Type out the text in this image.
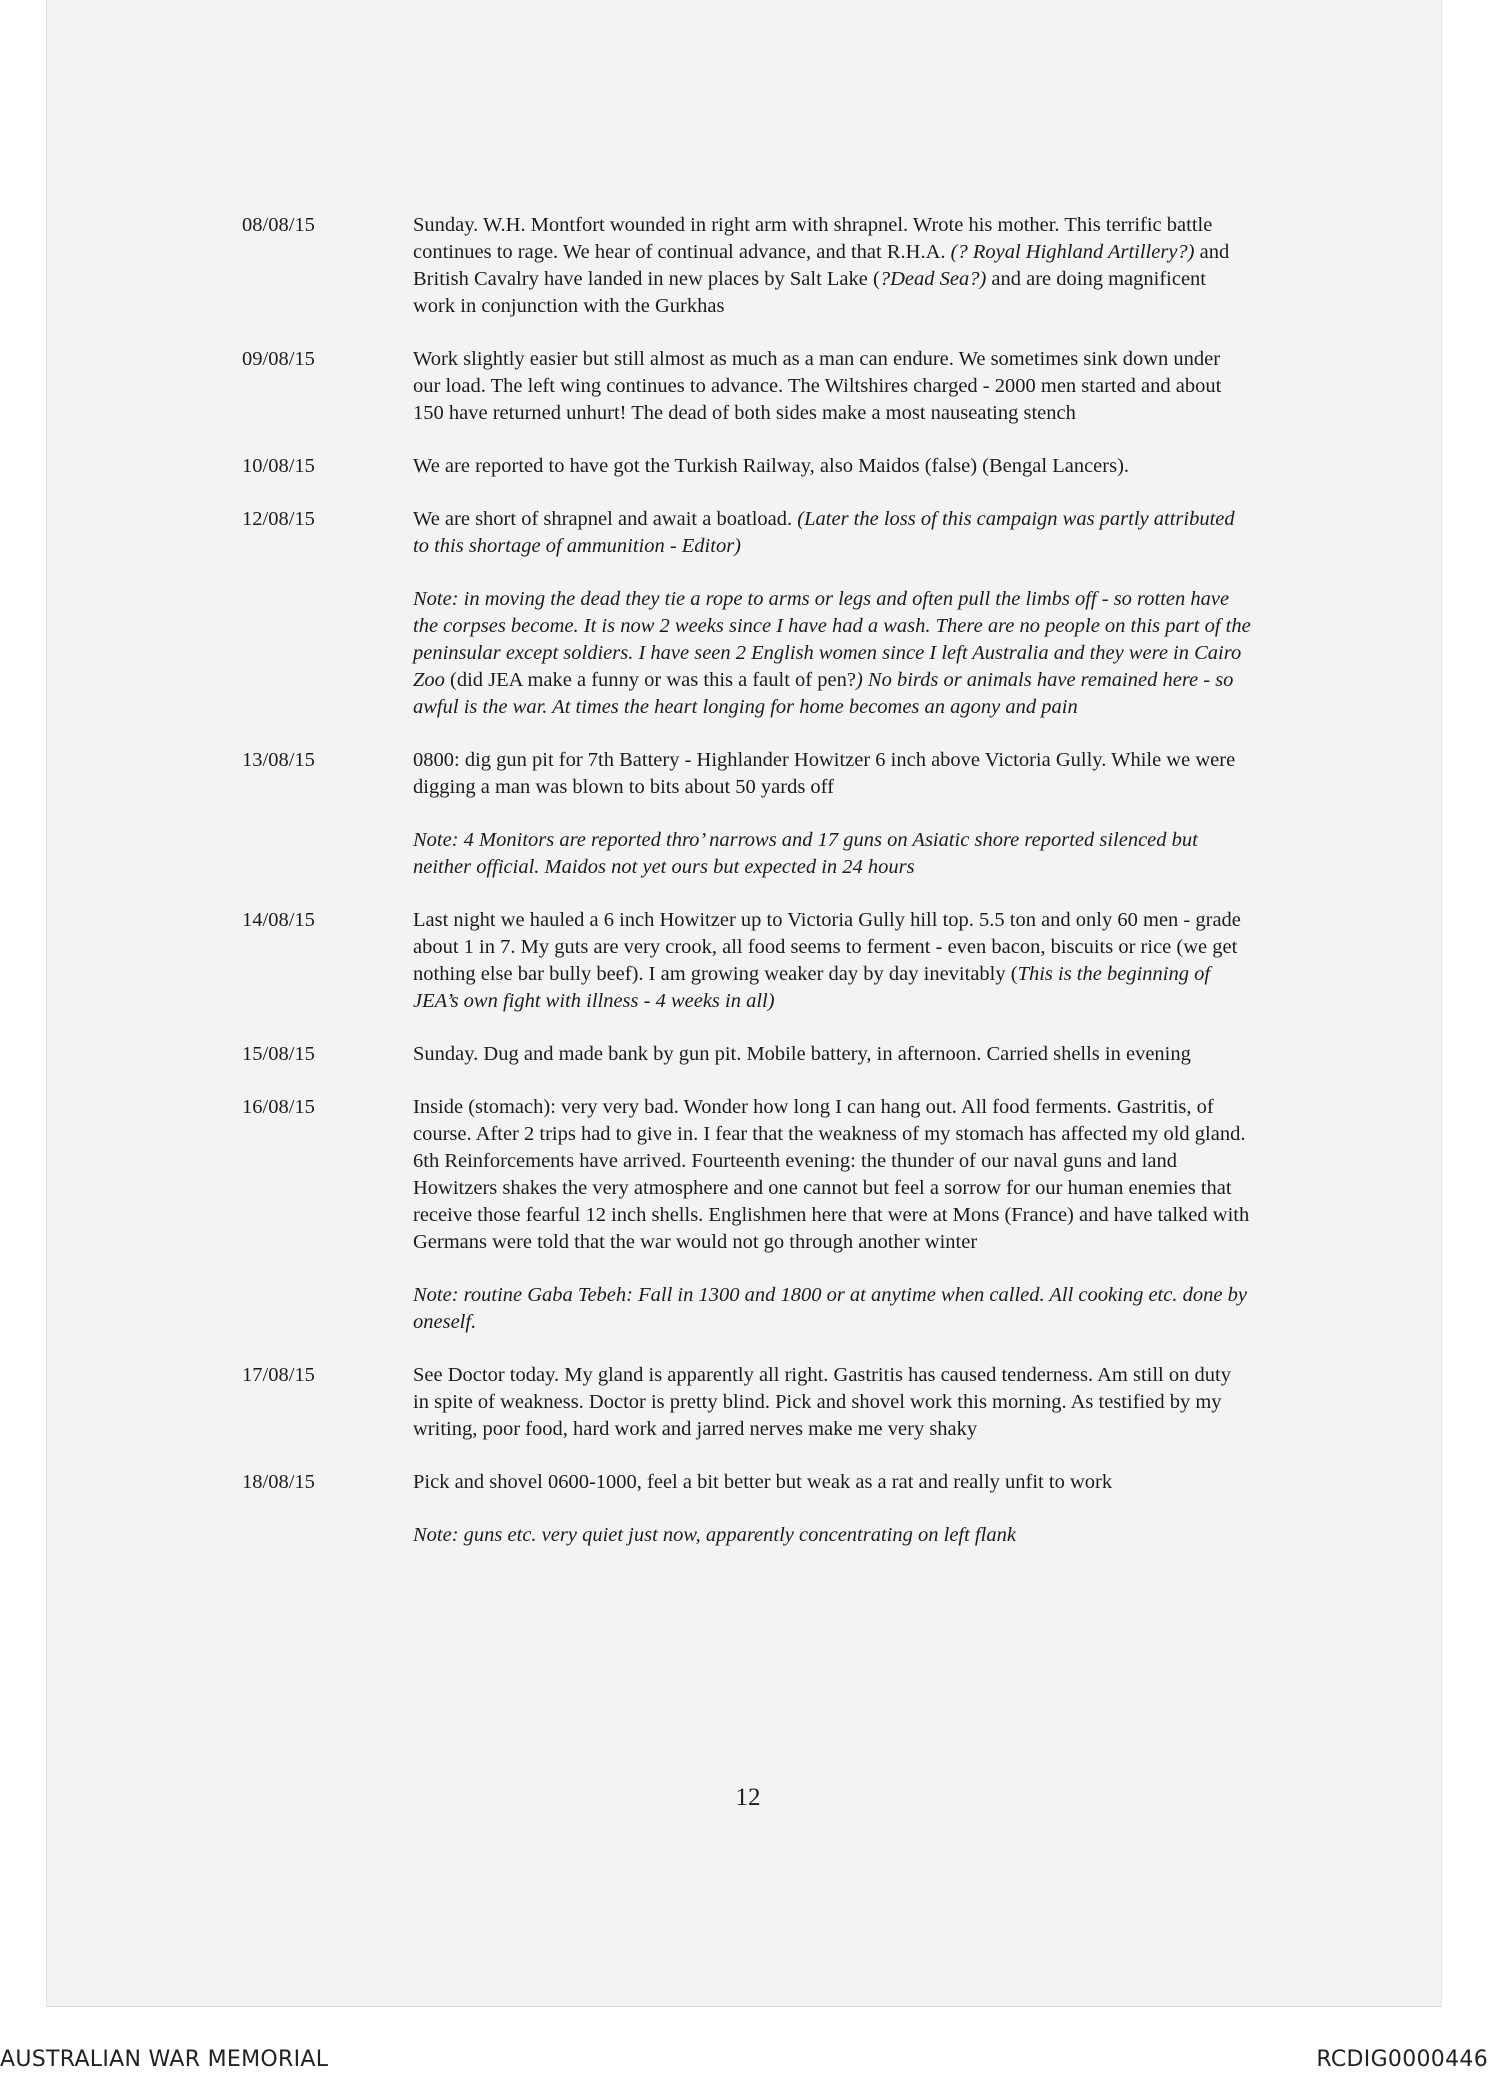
08/08/15	Sunday. W.H. Montfort wounded in right arm with shrapnel. Wrote his mother. This terrific battle continues to rage. We hear of continual advance, and that R.H.A. (? Royal Highland Artillery?) and British Cavalry have landed in new places by Salt Lake (?Dead Sea?) and are doing magnificent work in conjunction with the Gurkhas

09/08/15	Work slightly easier but still almost as much as a man can endure. We sometimes sink down under our load. The left wing continues to advance. The Wiltshires charged - 2000 men started and about 150 have returned unhurt! The dead of both sides make a most nauseating stench

10/08/15	We are reported to have got the Turkish Railway, also Maidos (false) (Bengal Lancers).

12/08/15	We are short of shrapnel and await a boatload. (Later the loss of this campaign was partly attributed to this shortage of ammunition - Editor)

Note: in moving the dead they tie a rope to arms or legs and often pull the limbs off - so rotten have the corpses become. It is now 2 weeks since I have had a wash. There are no people on this part of the peninsular except soldiers. I have seen 2 English women since I left Australia and they were in Cairo Zoo (did JEA make a funny or was this a fault of pen?) No birds or animals have remained here - so awful is the war. At times the heart longing for home becomes an agony and pain

13/08/15	0800: dig gun pit for 7th Battery - Highlander Howitzer 6 inch above Victoria Gully. While we were digging a man was blown to bits about 50 yards off

Note: 4 Monitors are reported thro’ narrows and 17 guns on Asiatic shore reported silenced but neither official. Maidos not yet ours but expected in 24 hours

14/08/15	Last night we hauled a 6 inch Howitzer up to Victoria Gully hill top. 5.5 ton and only 60 men - grade about 1 in 7. My guts are very crook, all food seems to ferment - even bacon, biscuits or rice (we get nothing else bar bully beef). I am growing weaker day by day inevitably (This is the beginning of JEA’s own fight with illness - 4 weeks in all)

15/08/15	Sunday. Dug and made bank by gun pit. Mobile battery, in afternoon. Carried shells in evening

16/08/15	Inside (stomach): very very bad. Wonder how long I can hang out. All food ferments. Gastritis, of course. After 2 trips had to give in. I fear that the weakness of my stomach has affected my old gland. 6th Reinforcements have arrived. Fourteenth evening: the thunder of our naval guns and land Howitzers shakes the very atmosphere and one cannot but feel a sorrow for our human enemies that receive those fearful 12 inch shells. Englishmen here that were at Mons (France) and have talked with Germans were told that the war would not go through another winter

Note: routine Gaba Tebeh: Fall in 1300 and 1800 or at anytime when called. All cooking etc. done by oneself.

17/08/15	See Doctor today. My gland is apparently all right. Gastritis has caused tenderness. Am still on duty in spite of weakness. Doctor is pretty blind. Pick and shovel work this morning. As testified by my writing, poor food, hard work and jarred nerves make me very shaky

18/08/15	Pick and shovel 0600-1000, feel a bit better but weak as a rat and really unfit to work

Note: guns etc. very quiet just now, apparently concentrating on left flank

12
AUSTRALIAN WAR MEMORIAL	RCDIG0000446
